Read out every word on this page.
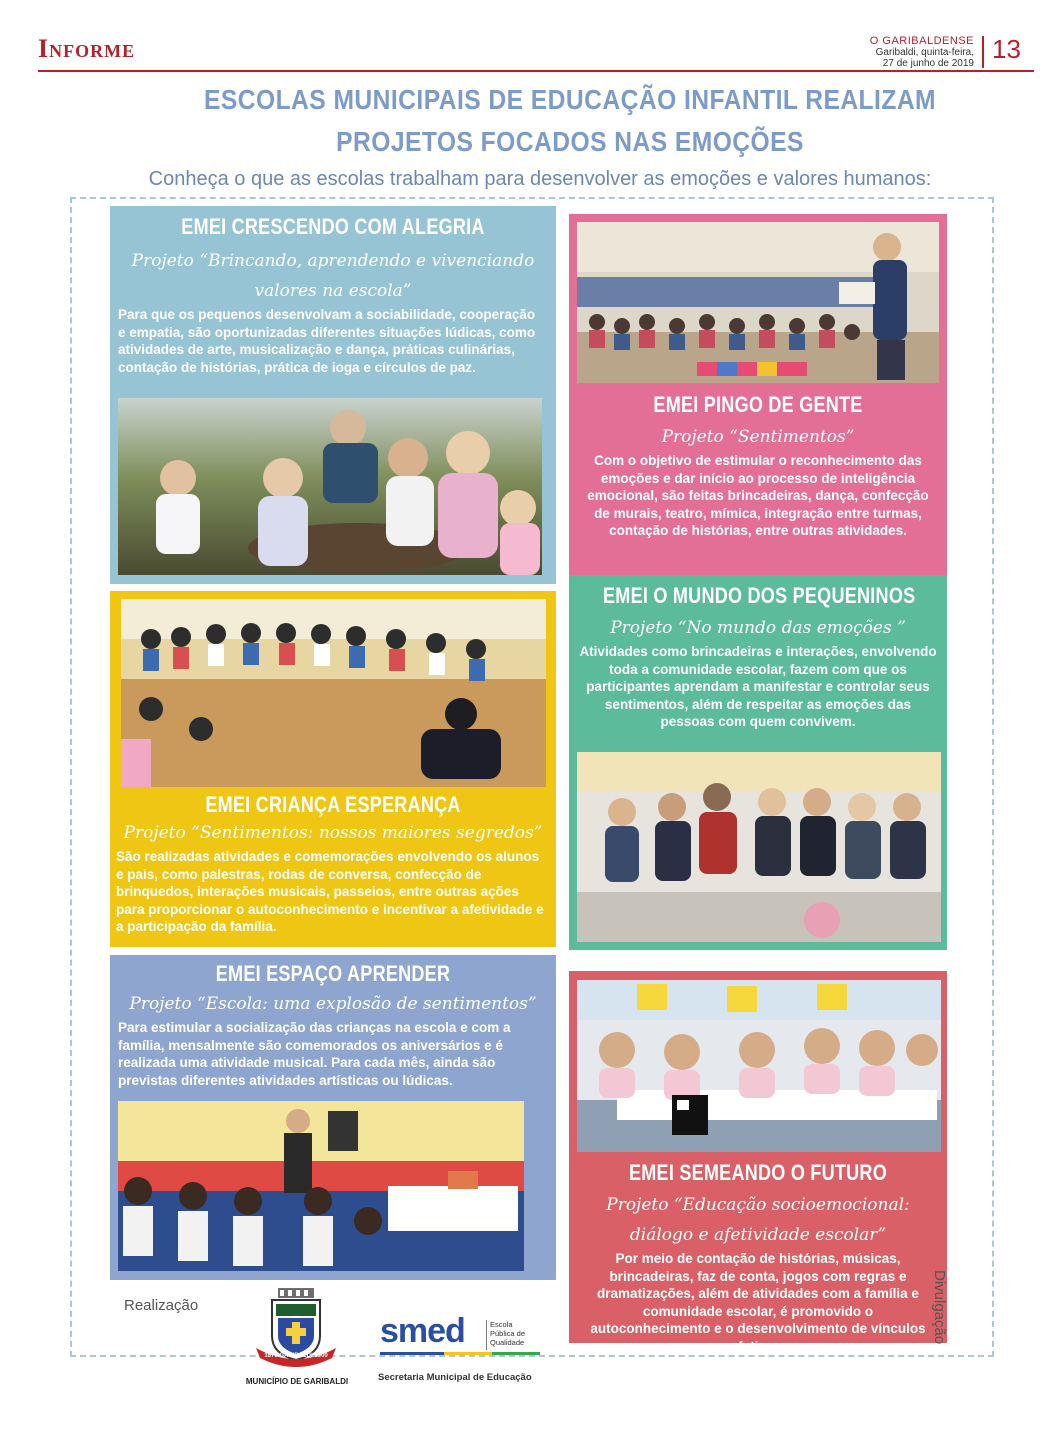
Informe	O GARIBALDENSE
Garibaldi, quinta-feira,
27 de junho de 2019 13
ESCOLAS MUNICIPAIS DE EDUCAÇÃO INFANTIL REALIZAM
PROJETOS FOCADOS NAS EMOÇÕES
Conheça o que as escolas trabalham para desenvolver as emoções e valores humanos:
EMEI CRESCENDO COM ALEGRIA
Projeto “Brincando, aprendendo e vivenciando
valores na escola”
Para que os pequenos desenvolvam a sociabilidade, cooperação e empatia, são oportunizadas diferentes situações lúdicas, como atividades de arte, musicalização e dança, práticas culinárias, contação de histórias, prática de ioga e círculos de paz.
EMEI PINGO DE GENTE
Projeto “Sentimentos”
Com o objetivo de estimular o reconhecimento das emoções e dar início ao processo de inteligência emocional, são feitas brincadeiras, dança, confecção de murais, teatro, mímica, integração entre turmas, contação de histórias, entre outras atividades.
EMEI O MUNDO DOS PEQUENINOS
Projeto “No mundo das emoções ”
Atividades como brincadeiras e interações, envolvendo toda a comunidade escolar, fazem com que os participantes aprendam a manifestar e controlar seus sentimentos, além de respeitar as emoções das pessoas com quem convivem.
EMEI CRIANÇA ESPERANÇA
Projeto “Sentimentos: nossos maiores segredos”
São realizadas atividades e comemorações envolvendo os alunos e pais, como palestras, rodas de conversa, confecção de brinquedos, interações musicais, passeios, entre outras ações para proporcionar o autoconhecimento e incentivar a afetividade e a participação da família.
EMEI ESPAÇO APRENDER
Projeto “Escola: uma explosão de sentimentos”
Para estimular a socialização das crianças na escola e com a família, mensalmente são comemorados os aniversários e é realizada uma atividade musical. Para cada mês, ainda são previstas diferentes atividades artísticas ou lúdicas.
EMEI SEMEANDO O FUTURO
Projeto “Educação socioemocional:
diálogo e afetividade escolar”
Por meio de contação de histórias, músicas, brincadeiras, faz de conta, jogos com regras e dramatizações, além de atividades com a família e comunidade escolar, é promovido o autoconhecimento e o desenvolvimento de vínculos afetivos.
Realização
1870 GARIBALDI 1900
MUNICÍPIO DE GARIBALDI
smed	Escola
Pública de
Qualidade
Secretaria Municipal de Educação
Divulgação
